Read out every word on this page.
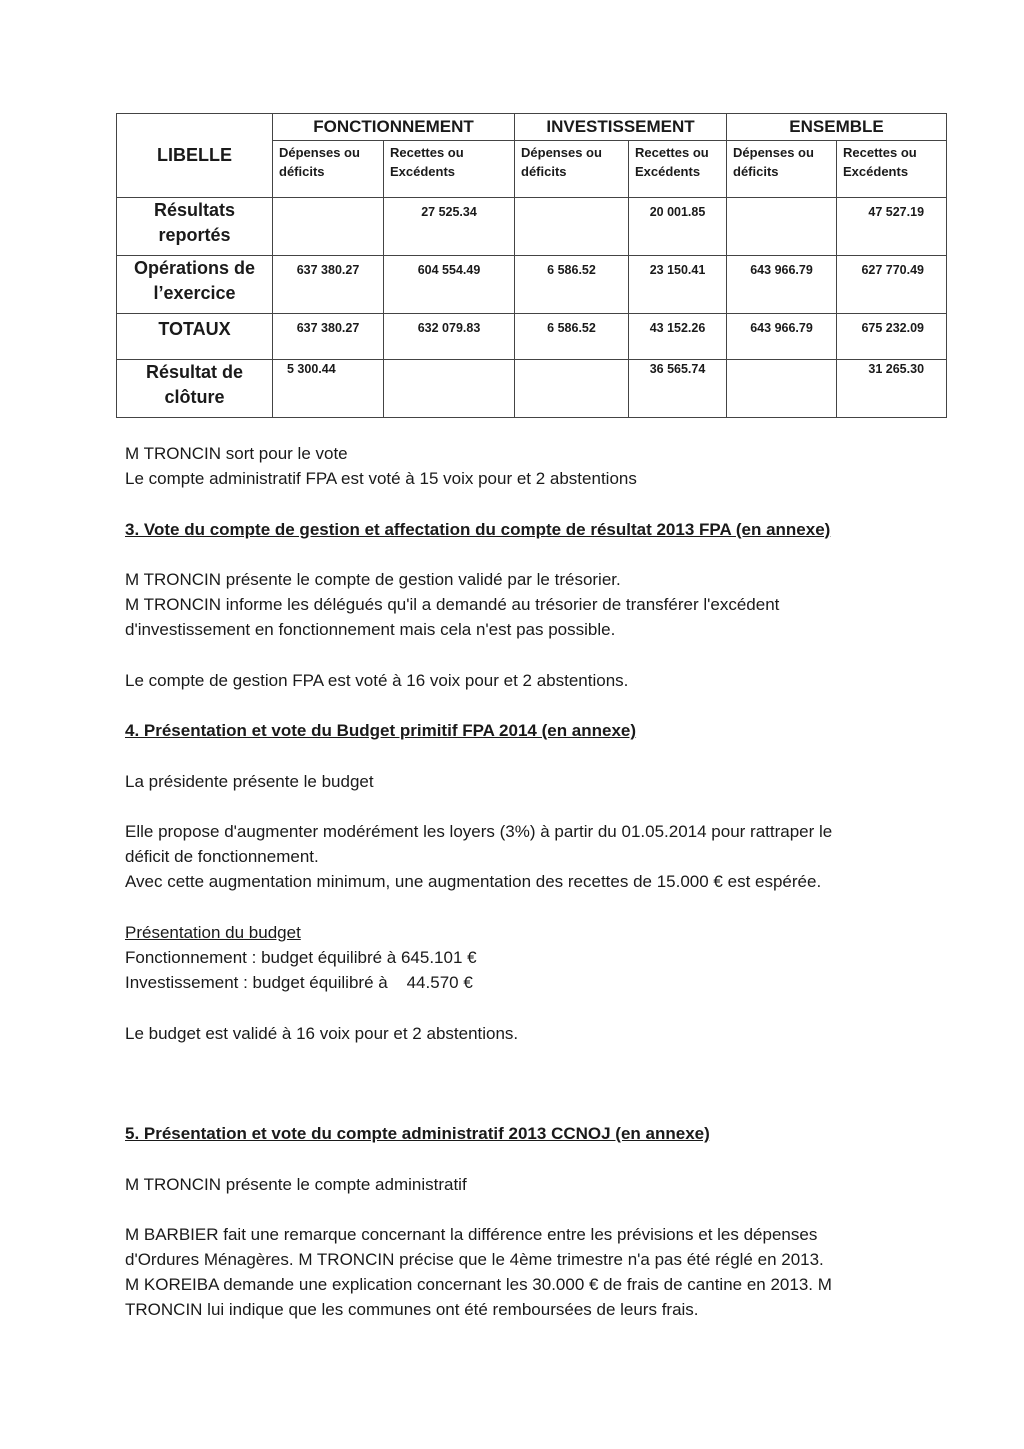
LIBELLE	FONCTIONNEMENT		INVESTISSEMENT		ENSEMBLE	
	Dépenses ou déficits	Recettes ou Excédents	Dépenses ou déficits	Recettes ou Excédents	Dépenses ou déficits	Recettes ou Excédents
Résultats reportés		27 525.34		20 001.85		47 527.19
Opérations de l’exercice	637 380.27	604 554.49	6 586.52	23 150.41	643 966.79	627 770.49
TOTAUX	637 380.27	632 079.83	6 586.52	43 152.26	643 966.79	675 232.09
Résultat de clôture	5 300.44			36 565.74		31 265.30
M TRONCIN sort pour le vote
Le compte administratif FPA est voté à 15 voix pour et 2 abstentions
3. Vote du compte de gestion et affectation du compte de résultat 2013 FPA (en annexe)
M TRONCIN présente le compte de gestion validé par le trésorier.
M TRONCIN informe les délégués qu'il a demandé au trésorier de transférer l'excédent
d'investissement en fonctionnement mais cela n'est pas possible.
Le compte de gestion FPA est voté à 16 voix pour et 2 abstentions.
4. Présentation et vote du Budget primitif FPA 2014 (en annexe)
La présidente présente le budget
Elle propose d'augmenter modérément les loyers (3%) à partir du 01.05.2014 pour rattraper le
déficit de fonctionnement.
Avec cette augmentation minimum, une augmentation des recettes de 15.000 € est espérée.
Présentation du budget
Fonctionnement : budget équilibré à 645.101 €
Investissement : budget équilibré à    44.570 €
Le budget est validé à 16 voix pour et 2 abstentions.
5. Présentation et vote du compte administratif 2013 CCNOJ (en annexe)
M TRONCIN présente le compte administratif
M BARBIER fait une remarque concernant la différence entre les prévisions et les dépenses
d'Ordures Ménagères. M TRONCIN précise que le 4ème trimestre n'a pas été réglé en 2013.
M KOREIBA demande une explication concernant les 30.000 € de frais de cantine en 2013. M
TRONCIN lui indique que les communes ont été remboursées de leurs frais.
